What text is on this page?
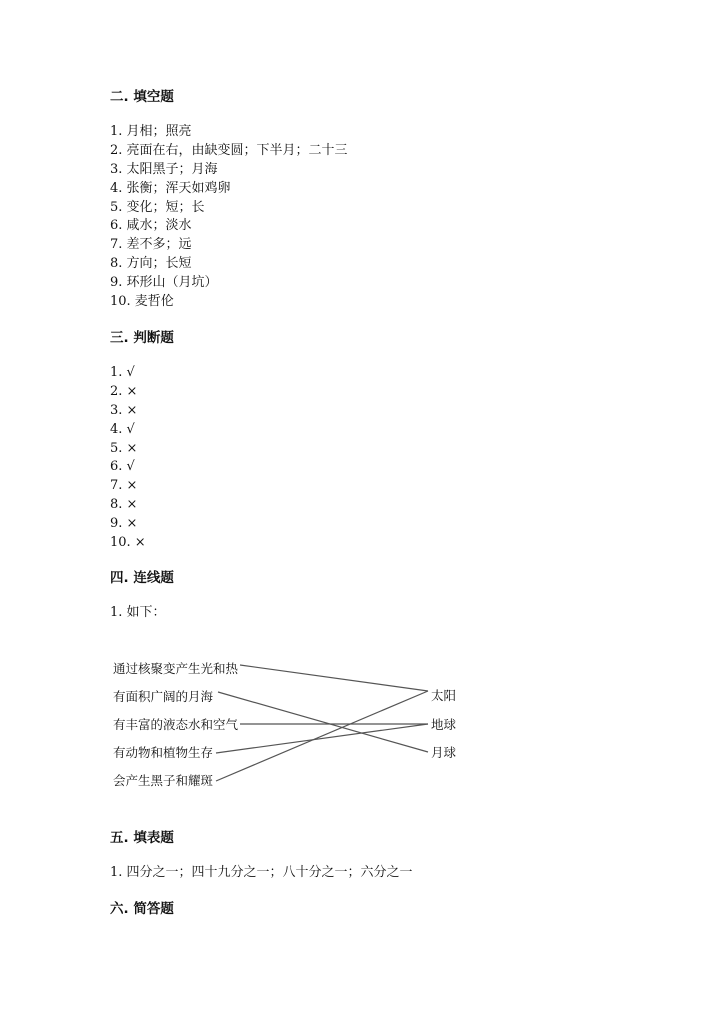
二. 填空题
1. 月相；照亮
2. 亮面在右，由缺变圆；下半月；二十三
3. 太阳黑子；月海
4. 张衡；浑天如鸡卵
5. 变化；短；长
6. 咸水；淡水
7. 差不多；远
8. 方向；长短
9. 环形山（月坑）
10. 麦哲伦
三. 判断题
1. √
2. ×
3. ×
4. √
5. ×
6. √
7. ×
8. ×
9. ×
10. ×
四. 连线题

1. 如下：

通过核聚变产生光和热
有面积广阔的月海
有丰富的液态水和空气
有动物和植物生存
会产生黑子和耀斑
太阳
地球
月球
五. 填表题

1. 四分之一；四十九分之一；八十分之一；六分之一

六. 简答题
